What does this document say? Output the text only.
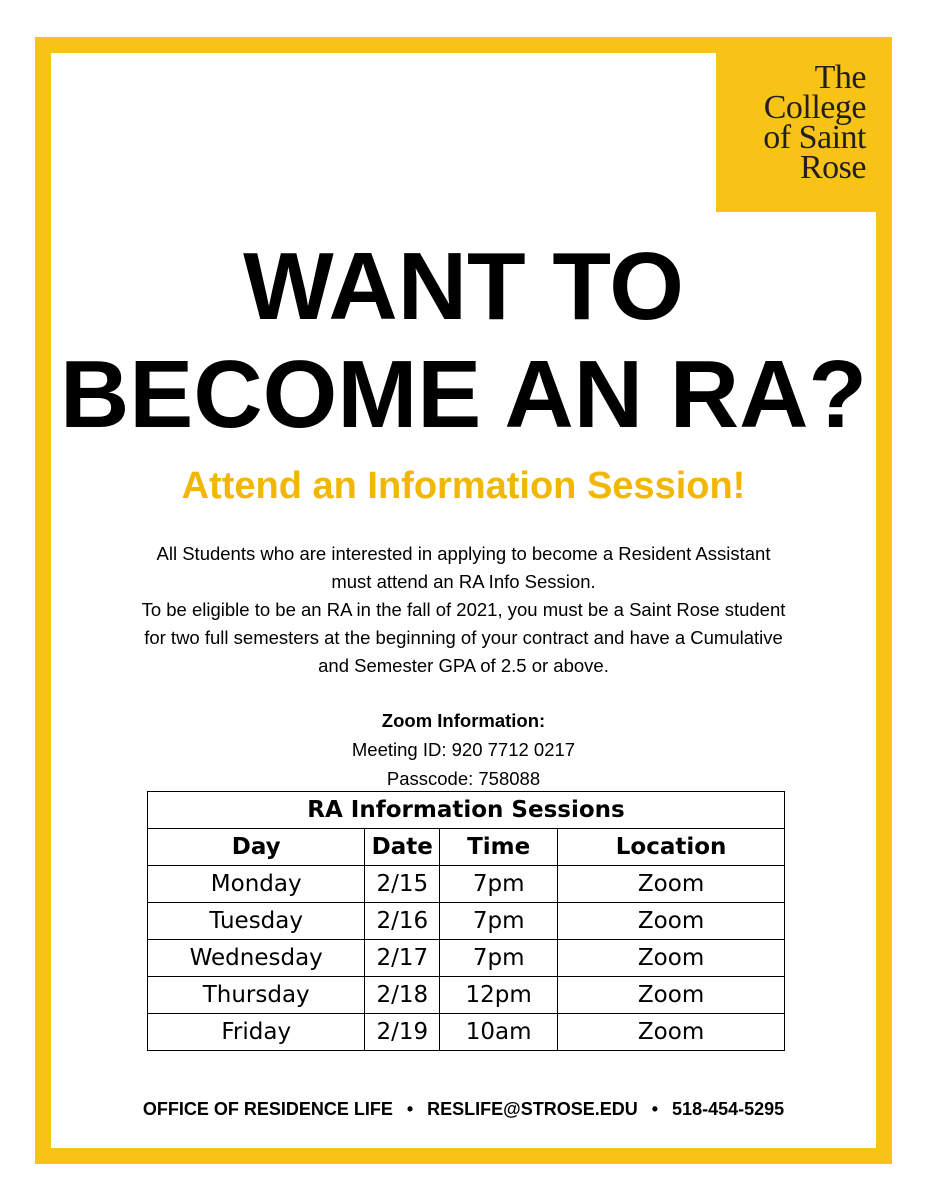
The
College
of Saint
Rose
WANT TO
BECOME AN RA?
Attend an Information Session!

All Students who are interested in applying to become a Resident Assistant

must attend an RA Info Session.

To be eligible to be an RA in the fall of 2021, you must be a Saint Rose student

for two full semesters at the beginning of your contract and have a Cumulative

and Semester GPA of 2.5 or above.

Zoom Information:
Meeting ID: 920 7712 0217
Passcode: 758088
RA Information Sessions			
Day	Date	Time	Location
Monday	2/15	7pm	Zoom
Tuesday	2/16	7pm	Zoom
Wednesday	2/17	7pm	Zoom
Thursday	2/18	12pm	Zoom
Friday	2/19	10am	Zoom
OFFICE OF RESIDENCE LIFE • RESLIFE@STROSE.EDU • 518-454-5295
